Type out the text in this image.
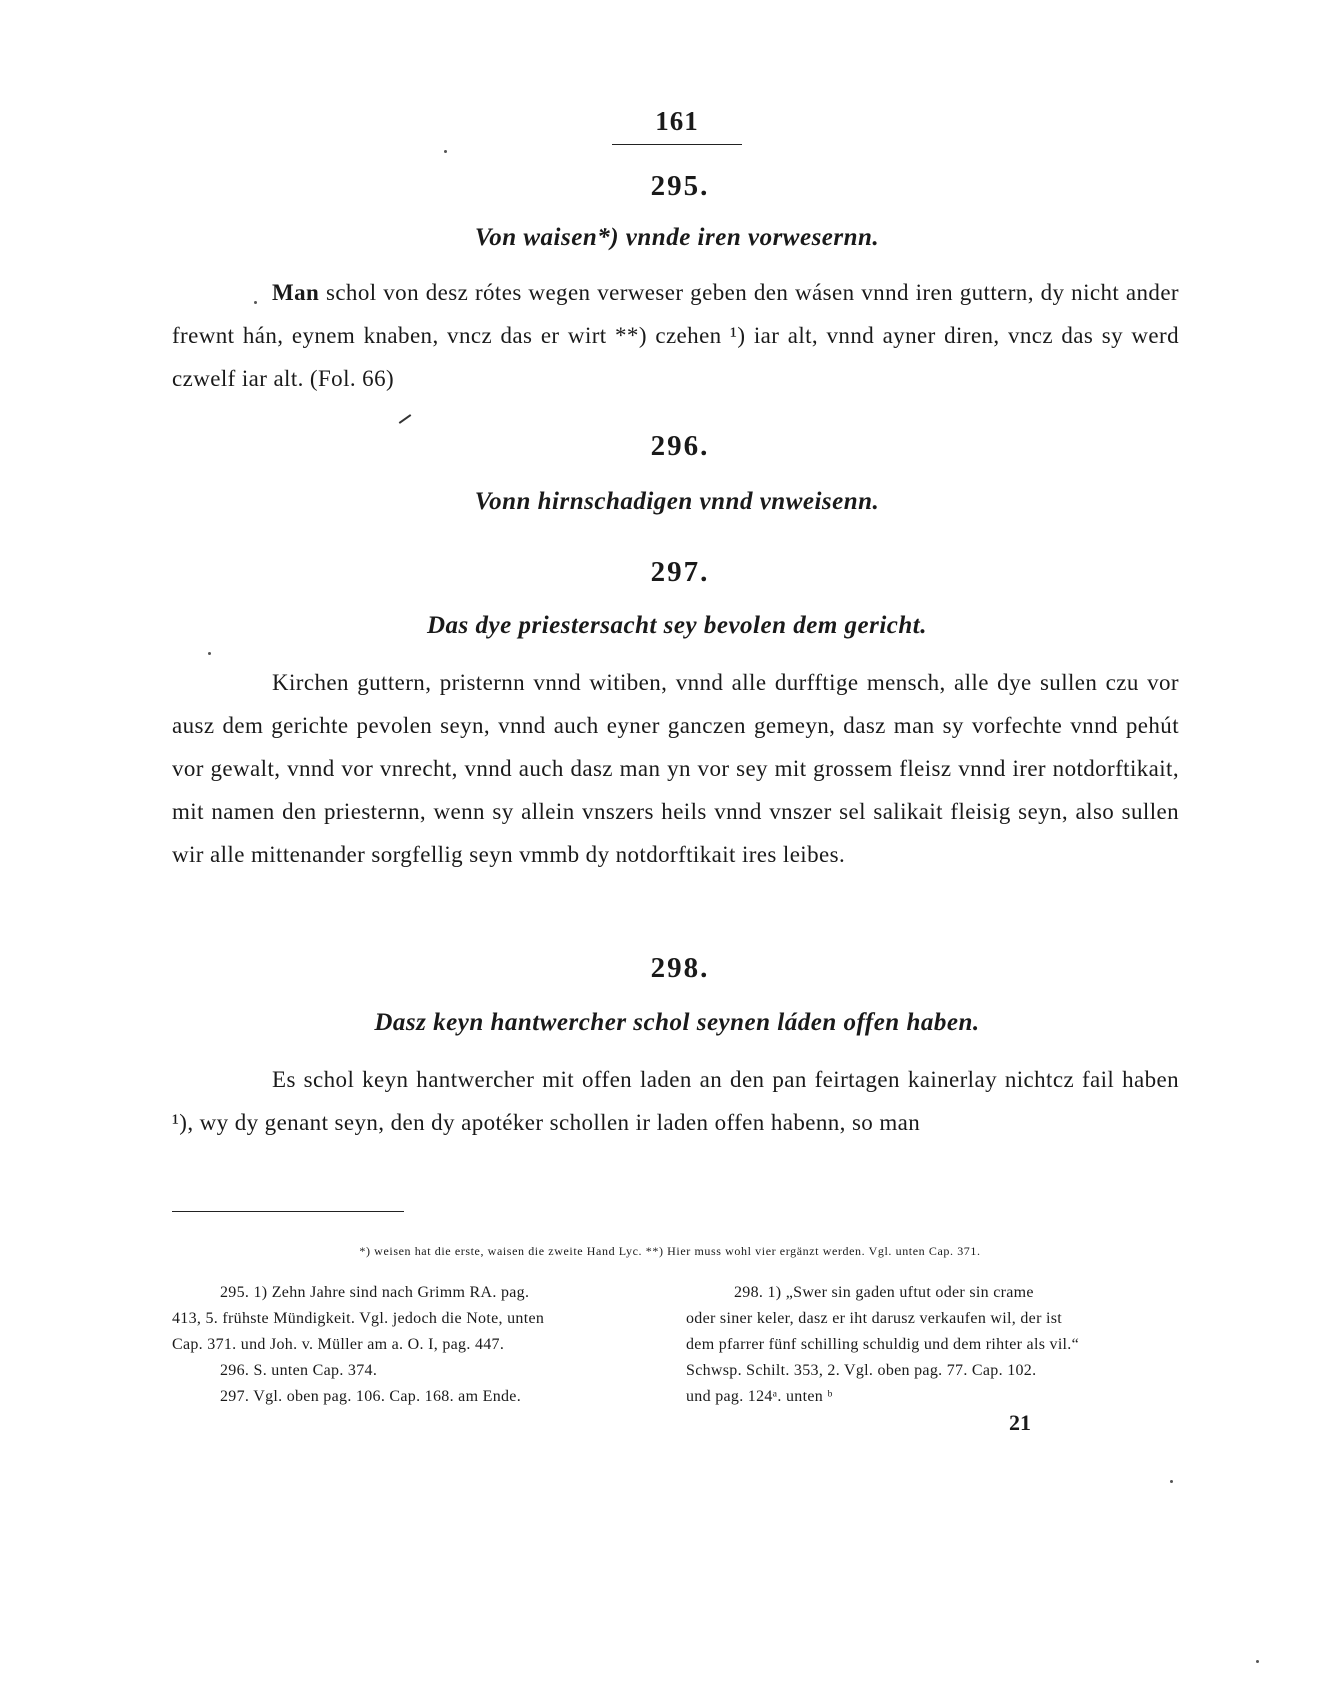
161
295.
Von waisen*) vnnde iren vorwesernn.
Man schol von desz rótes wegen verweser geben den wásen vnnd iren guttern, dy nicht ander frewnt hán, eynem knaben, vncz das er wirt **) czehen ¹) iar alt, vnnd ayner diren, vncz das sy werd czwelf iar alt. (Fol. 66)
296.
Vonn hirnschadigen vnnd vnweisenn.
297.
Das dye priestersacht sey bevolen dem gericht.
Kirchen guttern, pristernn vnnd witiben, vnnd alle durfftige mensch, alle dye sullen czu vor ausz dem gerichte pevolen seyn, vnnd auch eyner ganczen gemeyn, dasz man sy vorfechte vnnd pehút vor gewalt, vnnd vor vnrecht, vnnd auch dasz man yn vor sey mit grossem fleisz vnnd irer notdorftikait, mit namen den priesternn, wenn sy allein vnszers heils vnnd vnszer sel salikait fleisig seyn, also sullen wir alle mittenander sorgfellig seyn vmmb dy notdorftikait ires leibes.
298.
Dasz keyn hantwercher schol seynen láden offen haben.
Es schol keyn hantwercher mit offen laden an den pan feirtagen kainerlay nichtcz fail haben ¹), wy dy genant seyn, den dy apotéker schollen ir laden offen habenn, so man
*) weisen hat die erste, waisen die zweite Hand Lyc. **) Hier muss wohl vier ergänzt werden. Vgl. unten Cap. 371.
295. 1) Zehn Jahre sind nach Grimm RA. pag.
413, 5. frühste Mündigkeit. Vgl. jedoch die Note, unten
Cap. 371. und Joh. v. Müller am a. O. I, pag. 447.
296. S. unten Cap. 374.
297. Vgl. oben pag. 106. Cap. 168. am Ende.
298. 1) „Swer sin gaden uftut oder sin crame
oder siner keler, dasz er iht darusz verkaufen wil, der ist
dem pfarrer fünf schilling schuldig und dem rihter als vil.“
Schwsp. Schilt. 353, 2. Vgl. oben pag. 77. Cap. 102.
und pag. 124ᵃ. unten ᵇ
21
